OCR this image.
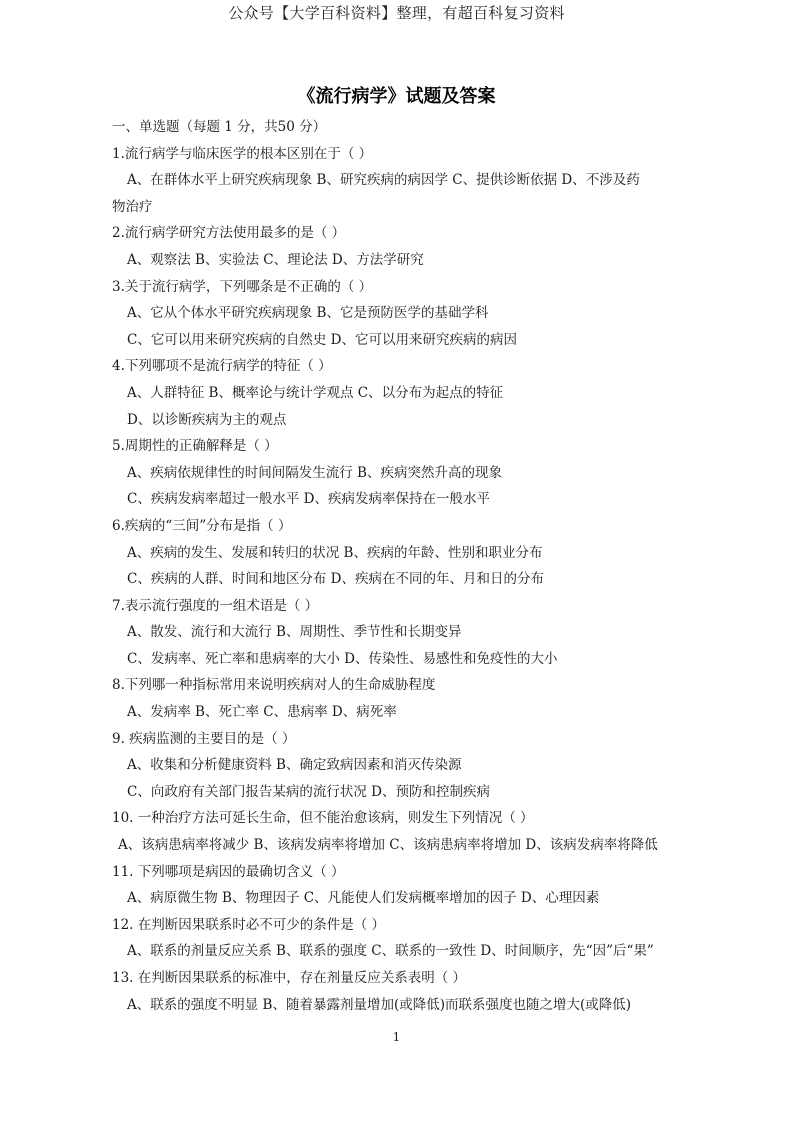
公众号【大学百科资料】整理，有超百科复习资料
《流行病学》试题及答案
一、单选题（每题 1 分，共50 分）
1.流行病学与临床医学的根本区别在于（ ）
A、在群体水平上研究疾病现象 B、研究疾病的病因学 C、提供诊断依据 D、不涉及药
物治疗
2.流行病学研究方法使用最多的是（ ）
A、观察法 B、实验法 C、理论法 D、方法学研究
3.关于流行病学，下列哪条是不正确的（ ）
A、它从个体水平研究疾病现象 B、它是预防医学的基础学科
C、它可以用来研究疾病的自然史 D、它可以用来研究疾病的病因
4.下列哪项不是流行病学的特征（ ）
A、人群特征 B、概率论与统计学观点 C、以分布为起点的特征
D、以诊断疾病为主的观点
5.周期性的正确解释是（ ）
A、疾病依规律性的时间间隔发生流行 B、疾病突然升高的现象
C、疾病发病率超过一般水平 D、疾病发病率保持在一般水平
6.疾病的“三间”分布是指（ ）
A、疾病的发生、发展和转归的状况 B、疾病的年龄、性别和职业分布
C、疾病的人群、时间和地区分布 D、疾病在不同的年、月和日的分布
7.表示流行强度的一组术语是（ ）
A、散发、流行和大流行 B、周期性、季节性和长期变异
C、发病率、死亡率和患病率的大小 D、传染性、易感性和免疫性的大小
8.下列哪一种指标常用来说明疾病对人的生命威胁程度
A、发病率 B、死亡率 C、患病率 D、病死率
9. 疾病监测的主要目的是（ ）
A、收集和分析健康资料 B、确定致病因素和消灭传染源
C、向政府有关部门报告某病的流行状况 D、预防和控制疾病
10. 一种治疗方法可延长生命，但不能治愈该病，则发生下列情况（ ）
A、该病患病率将减少 B、该病发病率将增加 C、该病患病率将增加 D、该病发病率将降低
11. 下列哪项是病因的最确切含义（ ）
A、病原微生物 B、物理因子 C、凡能使人们发病概率增加的因子 D、心理因素
12. 在判断因果联系时必不可少的条件是（ ）
A、联系的剂量反应关系 B、联系的强度 C、联系的一致性 D、时间顺序，先“因”后“果”
13. 在判断因果联系的标准中，存在剂量反应关系表明（ ）
A、联系的强度不明显 B、随着暴露剂量增加(或降低)而联系强度也随之增大(或降低)
1
